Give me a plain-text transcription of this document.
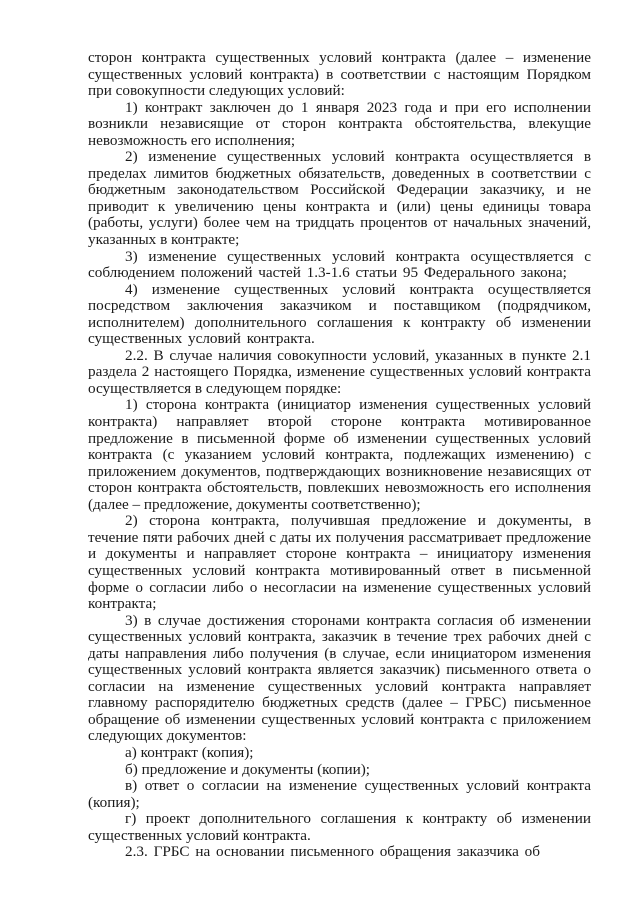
сторон контракта существенных условий контракта (далее – изменение существенных условий контракта) в соответствии с настоящим Порядком при совокупности следующих условий:

1) контракт заключен до 1 января 2023 года и при его исполнении возникли независящие от сторон контракта обстоятельства, влекущие невозможность его исполнения;

2) изменение существенных условий контракта осуществляется в пределах лимитов бюджетных обязательств, доведенных в соответствии с бюджетным законодательством Российской Федерации заказчику, и не приводит к увеличению цены контракта и (или) цены единицы товара (работы, услуги) более чем на тридцать процентов от начальных значений, указанных в контракте;

3) изменение существенных условий контракта осуществляется с соблюдением положений частей 1.3-1.6 статьи 95 Федерального закона;

4) изменение существенных условий контракта осуществляется посредством заключения заказчиком и поставщиком (подрядчиком, исполнителем) дополнительного соглашения к контракту об изменении существенных условий контракта.

2.2. В случае наличия совокупности условий, указанных в пункте 2.1 раздела 2 настоящего Порядка, изменение существенных условий контракта осуществляется в следующем порядке:

1) сторона контракта (инициатор изменения существенных условий контракта) направляет второй стороне контракта мотивированное предложение в письменной форме об изменении существенных условий контракта (с указанием условий контракта, подлежащих изменению) с приложением документов, подтверждающих возникновение независящих от сторон контракта обстоятельств, повлекших невозможность его исполнения (далее – предложение, документы соответственно);

2) сторона контракта, получившая предложение и документы, в течение пяти рабочих дней с даты их получения рассматривает предложение и документы и направляет стороне контракта – инициатору изменения существенных условий контракта мотивированный ответ в письменной форме о согласии либо о несогласии на изменение существенных условий контракта;

3) в случае достижения сторонами контракта согласия об изменении существенных условий контракта, заказчик в течение трех рабочих дней с даты направления либо получения (в случае, если инициатором изменения существенных условий контракта является заказчик) письменного ответа о согласии на изменение существенных условий контракта направляет главному распорядителю бюджетных средств (далее – ГРБС) письменное обращение об изменении существенных условий контракта с приложением следующих документов:

а) контракт (копия);

б) предложение и документы (копии);

в) ответ о согласии на изменение существенных условий контракта (копия);

г) проект дополнительного соглашения к контракту об изменении существенных условий контракта.

2.3. ГРБС на основании письменного обращения заказчика об
